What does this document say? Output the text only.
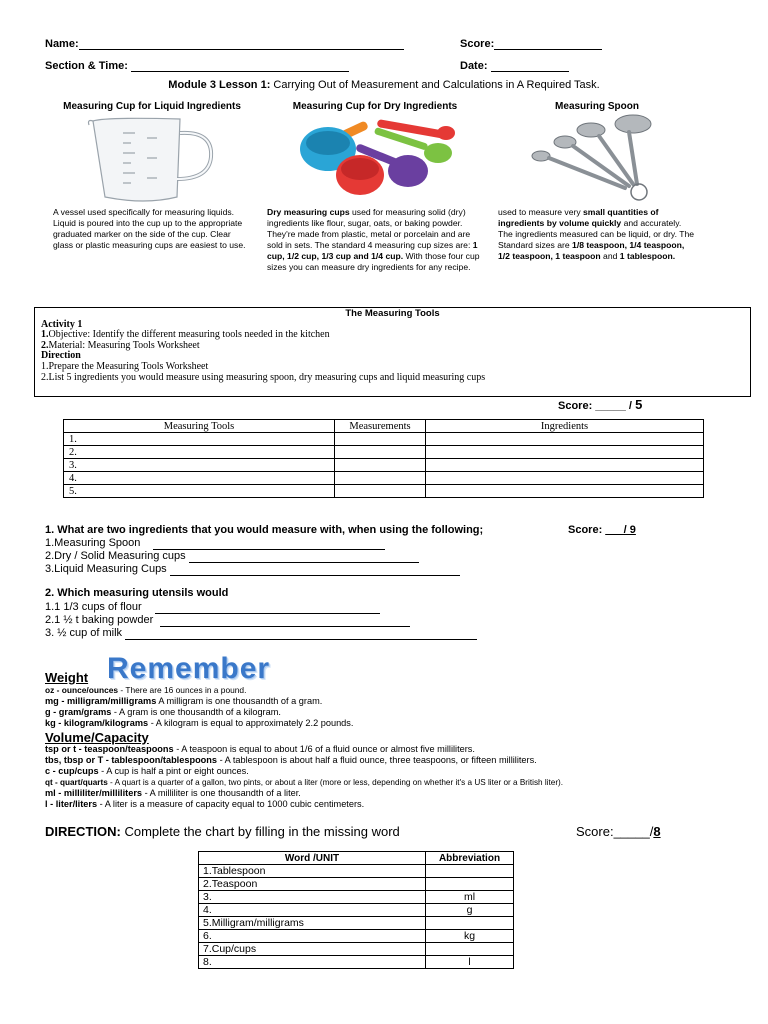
Name:	Score:
Section & Time:	Date:
Module 3 Lesson 1: Carrying Out of Measurement and Calculations in A Required Task.
Measuring Cup for Liquid Ingredients
A vessel used specifically for measuring liquids. Liquid is poured into the cup up to the appropriate graduated marker on the side of the cup. Clear glass or plastic measuring cups are easiest to use.
Measuring Cup for Dry Ingredients
Dry measuring cups used for measuring solid (dry) ingredients like flour, sugar, oats, or baking powder. They're made from plastic, metal or porcelain and are sold in sets. The standard 4 measuring cup sizes are: 1 cup, 1/2 cup, 1/3 cup and 1/4 cup. With those four cup sizes you can measure dry ingredients for any recipe.
Measuring Spoon
used to measure very small quantities of ingredients by volume quickly and accurately. The ingredients measured can be liquid, or dry. The Standard sizes are 1/8 teaspoon, 1/4 teaspoon, 1/2 teaspoon, 1 teaspoon and 1 tablespoon.
The Measuring Tools
Activity 1
1.Objective: Identify the different measuring tools needed in the kitchen
2.Material: Measuring Tools Worksheet
Direction
1.Prepare the Measuring Tools Worksheet
2.List 5 ingredients you would measure using measuring spoon, dry measuring cups and liquid measuring cups
Score: _____ / 5
Measuring Tools	Measurements	Ingredients
1.		
2.		
3.		
4.		
5.		
1. What are two ingredients that you would measure with, when using the following;	Score: ___/ 9
1.Measuring Spoon
2.Dry / Solid Measuring cups
3.Liquid Measuring Cups
2. Which measuring utensils would
1.1 1/3 cups of flour
2.1 ½ t baking powder
3. ½ cup of milk
Weight Remember
oz - ounce/ounces - There are 16 ounces in a pound.
mg - milligram/milligrams A milligram is one thousandth of a gram.
g - gram/grams - A gram is one thousandth of a kilogram.
kg - kilogram/kilograms - A kilogram is equal to approximately 2.2 pounds.
Volume/Capacity
tsp or t - teaspoon/teaspoons - A teaspoon is equal to about 1/6 of a fluid ounce or almost five milliliters.
tbs, tbsp or T - tablespoon/tablespoons - A tablespoon is about half a fluid ounce, three teaspoons, or fifteen milliliters.
c - cup/cups - A cup is half a pint or eight ounces.
qt - quart/quarts - A quart is a quarter of a gallon, two pints, or about a liter (more or less, depending on whether it's a US liter or a British liter).
ml - milliliter/milliliters - A milliliter is one thousandth of a liter.
l - liter/liters - A liter is a measure of capacity equal to 1000 cubic centimeters.
DIRECTION: Complete the chart by filling in the missing word	Score:_____/8
Word /UNIT	Abbreviation
1.Tablespoon	
2.Teaspoon	
3.	ml
4.	g
5.Milligram/milligrams	
6.	kg
7.Cup/cups	
8.	l
